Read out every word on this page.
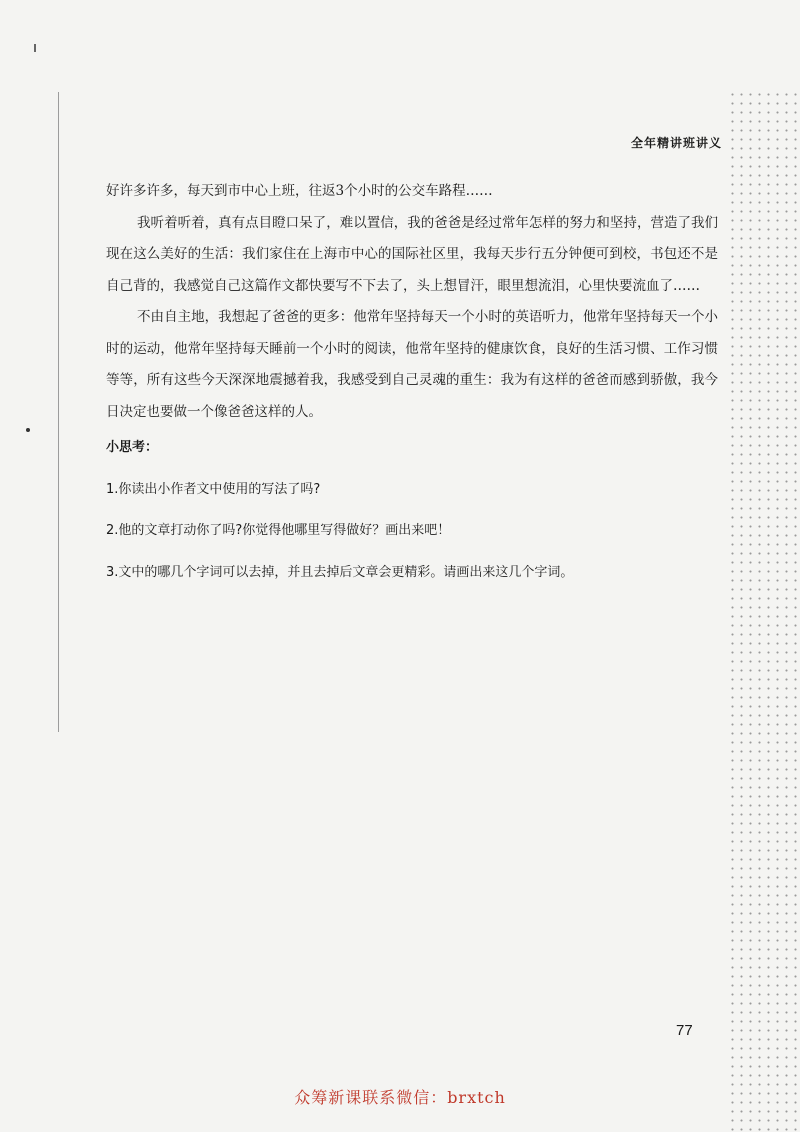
全年精讲班讲义

好许多许多，每天到市中心上班，往返3个小时的公交车路程……

我听着听着，真有点目瞪口呆了，难以置信，我的爸爸是经过常年怎样的努力和坚持，营造了我们现在这么美好的生活：我们家住在上海市中心的国际社区里，我每天步行五分钟便可到校，书包还不是自己背的，我感觉自己这篇作文都快要写不下去了，头上想冒汗，眼里想流泪，心里快要流血了……

不由自主地，我想起了爸爸的更多：他常年坚持每天一个小时的英语听力，他常年坚持每天一个小时的运动，他常年坚持每天睡前一个小时的阅读，他常年坚持的健康饮食，良好的生活习惯、工作习惯等等，所有这些今天深深地震撼着我，我感受到自己灵魂的重生：我为有这样的爸爸而感到骄傲，我今日决定也要做一个像爸爸这样的人。

小思考：

1.你读出小作者文中使用的写法了吗?

2.他的文章打动你了吗?你觉得他哪里写得做好？画出来吧！

3.文中的哪几个字词可以去掉，并且去掉后文章会更精彩。请画出来这几个字词。

77
众筹新课联系微信：brxtch
